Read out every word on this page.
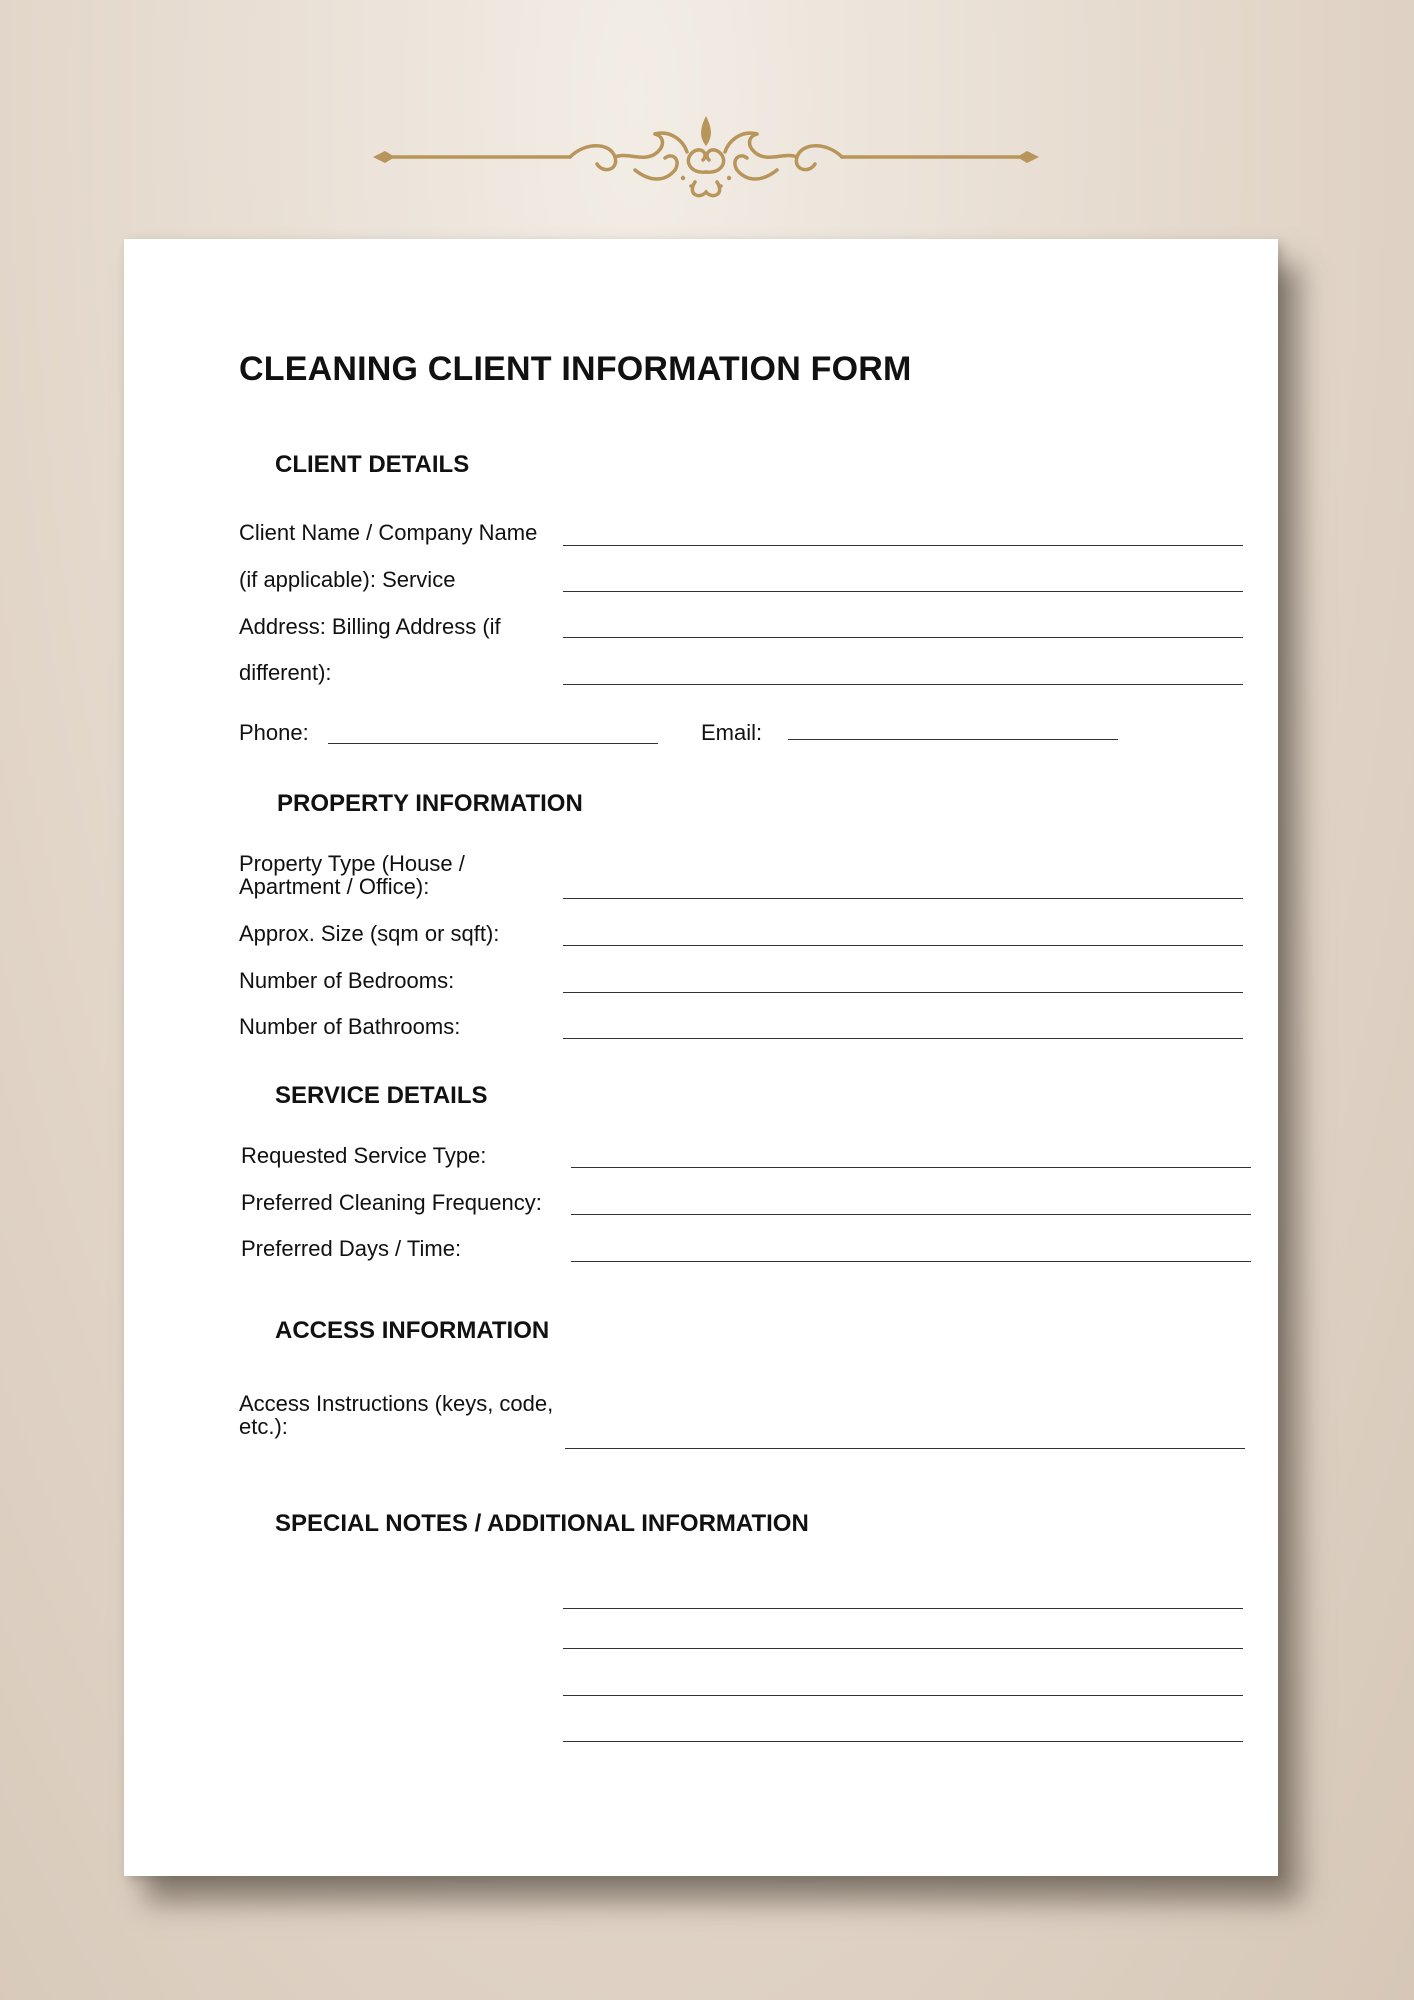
CLEANING CLIENT INFORMATION FORM
CLIENT DETAILS
Client Name / Company Name
(if applicable): Service
Address: Billing Address (if
different):
Phone:	Email:
PROPERTY INFORMATION
Property Type (House /
Apartment / Office):
Approx. Size (sqm or sqft):
Number of Bedrooms:
Number of Bathrooms:
SERVICE DETAILS
Requested Service Type:
Preferred Cleaning Frequency:
Preferred Days / Time:
ACCESS INFORMATION
Access Instructions (keys, code,
etc.):
SPECIAL NOTES / ADDITIONAL INFORMATION
